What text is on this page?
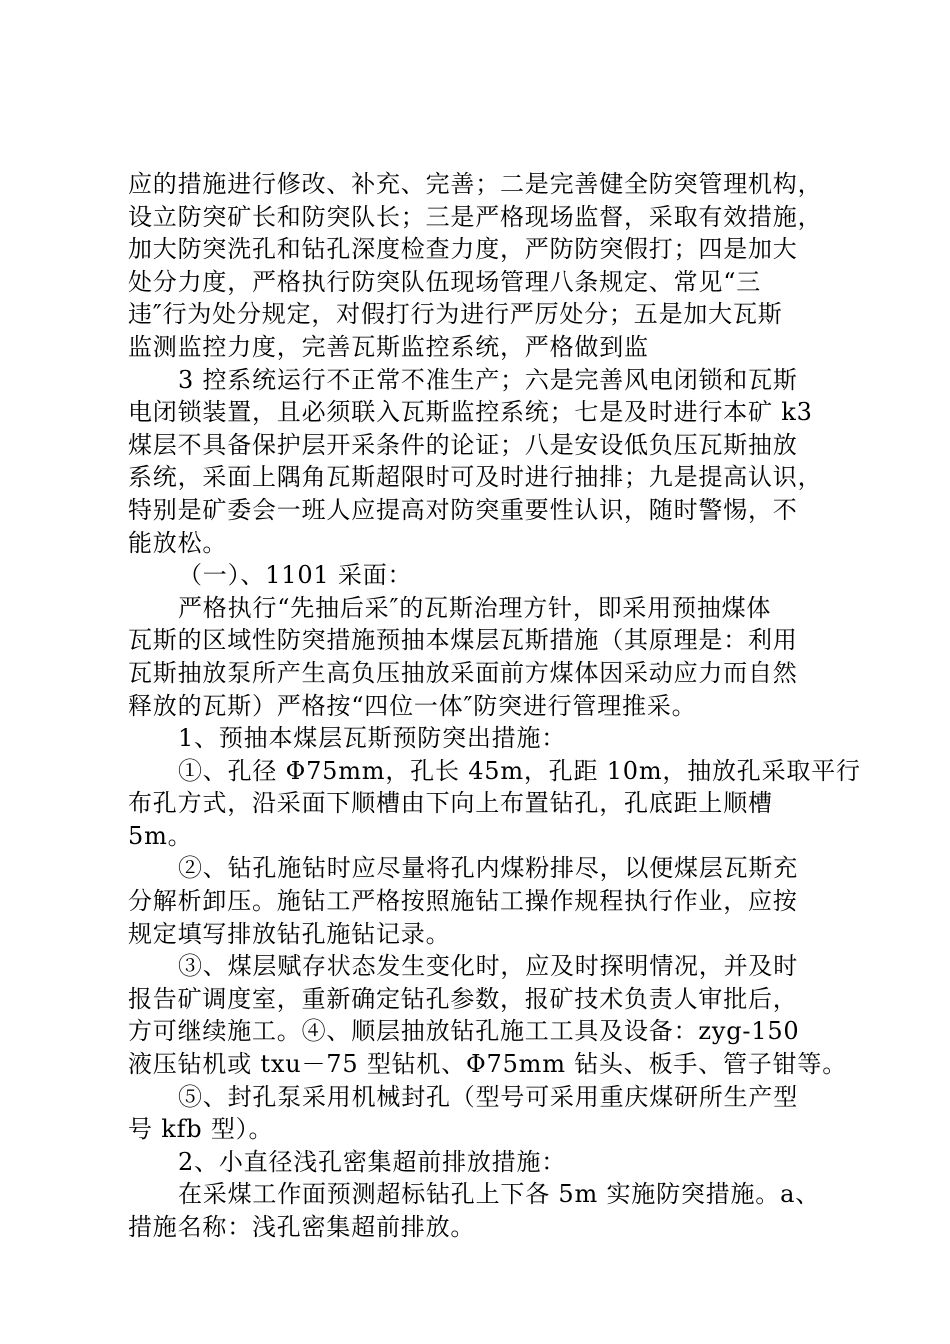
应的措施进行修改、补充、完善；二是完善健全防突管理机构，
设立防突矿长和防突队长；三是严格现场监督，采取有效措施，
加大防突洗孔和钻孔深度检查力度，严防防突假打；四是加大
处分力度，严格执行防突队伍现场管理八条规定、常见“三
违″行为处分规定，对假打行为进行严厉处分；五是加大瓦斯
监测监控力度，完善瓦斯监控系统，严格做到监
3 控系统运行不正常不准生产；六是完善风电闭锁和瓦斯
电闭锁装置，且必须联入瓦斯监控系统；七是及时进行本矿 k3
煤层不具备保护层开采条件的论证；八是安设低负压瓦斯抽放
系统，采面上隅角瓦斯超限时可及时进行抽排；九是提高认识，
特别是矿委会一班人应提高对防突重要性认识，随时警惕，不
能放松。
（一）、1101 采面：
严格执行“先抽后采″的瓦斯治理方针，即采用预抽煤体
瓦斯的区域性防突措施预抽本煤层瓦斯措施（其原理是：利用
瓦斯抽放泵所产生高负压抽放采面前方煤体因采动应力而自然
释放的瓦斯）严格按“四位一体″防突进行管理推采。
1、预抽本煤层瓦斯预防突出措施：
①、孔径 Φ75mm，孔长 45m，孔距 10m，抽放孔采取平行
布孔方式，沿采面下顺槽由下向上布置钻孔，孔底距上顺槽
5m。
②、钻孔施钻时应尽量将孔内煤粉排尽，以便煤层瓦斯充
分解析卸压。施钻工严格按照施钻工操作规程执行作业，应按
规定填写排放钻孔施钻记录。
③、煤层赋存状态发生变化时，应及时探明情况，并及时
报告矿调度室，重新确定钻孔参数，报矿技术负责人审批后，
方可继续施工。④、顺层抽放钻孔施工工具及设备：zyg-150
液压钻机或 txu－75 型钻机、Φ75mm 钻头、板手、管子钳等。
⑤、封孔泵采用机械封孔（型号可采用重庆煤研所生产型
号 kfb 型）。
2、小直径浅孔密集超前排放措施：
在采煤工作面预测超标钻孔上下各 5m 实施防突措施。a、
措施名称：浅孔密集超前排放。
